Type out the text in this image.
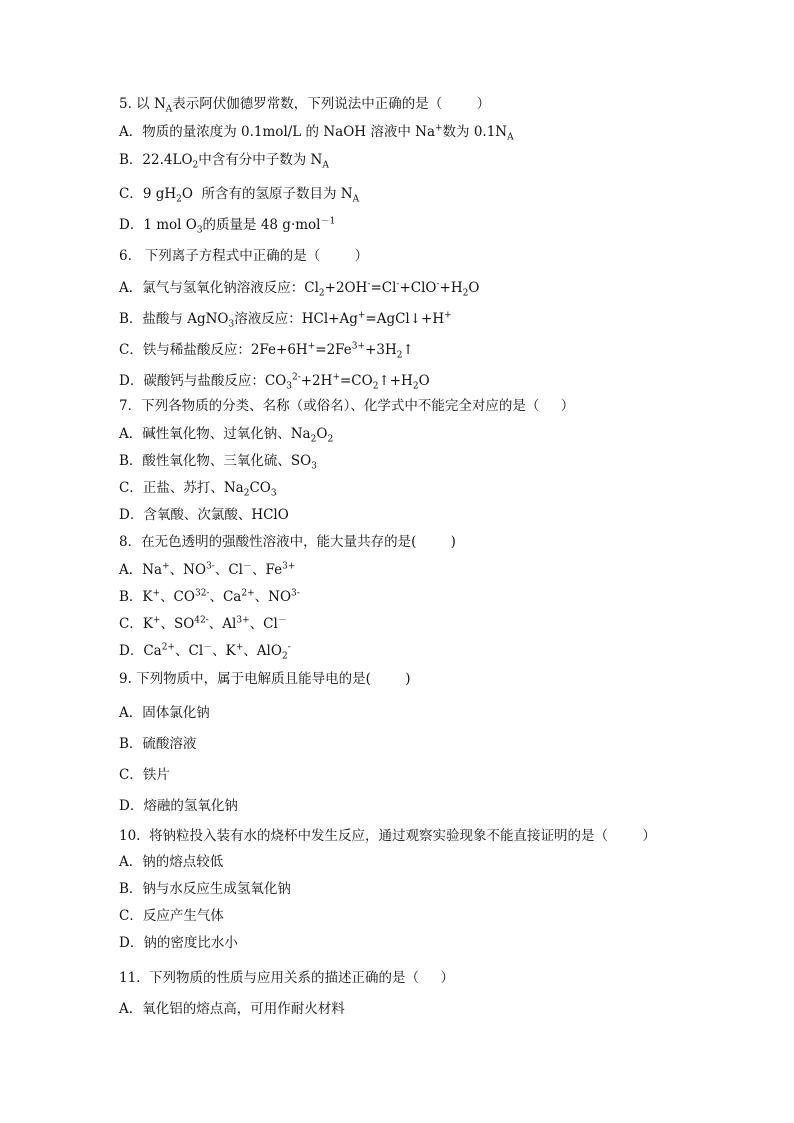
5. 以 $N_A$表示阿伏伽德罗常数，下列说法中正确的是（        ）
A．物质的量浓度为 0.1mol/L 的 NaOH 溶液中 Na+数为 $0.1N_A$
B．$22.4LO_2$中含有分中子数为 $N_A$
C．9 $gH_2O$  所含有的氢原子数目为 $N_A$
D．1 mol $O_3$的质量是 48 g·mol$^{-1}$
6.   下列离子方程式中正确的是（        ）
A．氯气与氢氧化钠溶液反应：$Cl_2+2OH^-=Cl^-+ClO^-+H_2O$
B．盐酸与 AgNO$_3$溶液反应：HCl+Ag+=AgCl↓+H+
C．铁与稀盐酸反应：$2Fe+6H^+=2Fe^{3+}+3H_2↑$
D．碳酸钙与盐酸反应：$CO_3^{2-}+2H^+=CO_2↑+H_2O$
7．下列各物质的分类、名称（或俗名）、化学式中不能完全对应的是（     ）
A．碱性氧化物、过氧化钠、$Na_2O_2$
B．酸性氧化物、三氧化硫、$SO_3$
C．正盐、苏打、$Na_2CO_3$
D．含氧酸、次氯酸、HClO
8．在无色透明的强酸性溶液中，能大量共存的是(        )
A．Na+、$NO^{3-}$、Cl－、$Fe^{3+}$
B．K+、$CO^{32-}$、$Ca^{2+}$、$NO^{3-}$
C．K+、$SO^{42-}$、$Al^{3+}$、Cl－
D．$Ca^{2+}$、Cl－、K+、AlO$_2$-
9. 下列物质中，属于电解质且能导电的是(        )
A．固体氯化钠
B．硫酸溶液
C．铁片
D．熔融的氢氧化钠
10.  将钠粒投入装有水的烧杯中发生反应，通过观察实验现象不能直接证明的是（        ）
A．钠的熔点较低
B．钠与水反应生成氢氧化钠
C．反应产生气体
D．钠的密度比水小
11.  下列物质的性质与应用关系的描述正确的是（     ）
A．氧化铝的熔点高，可用作耐火材料
